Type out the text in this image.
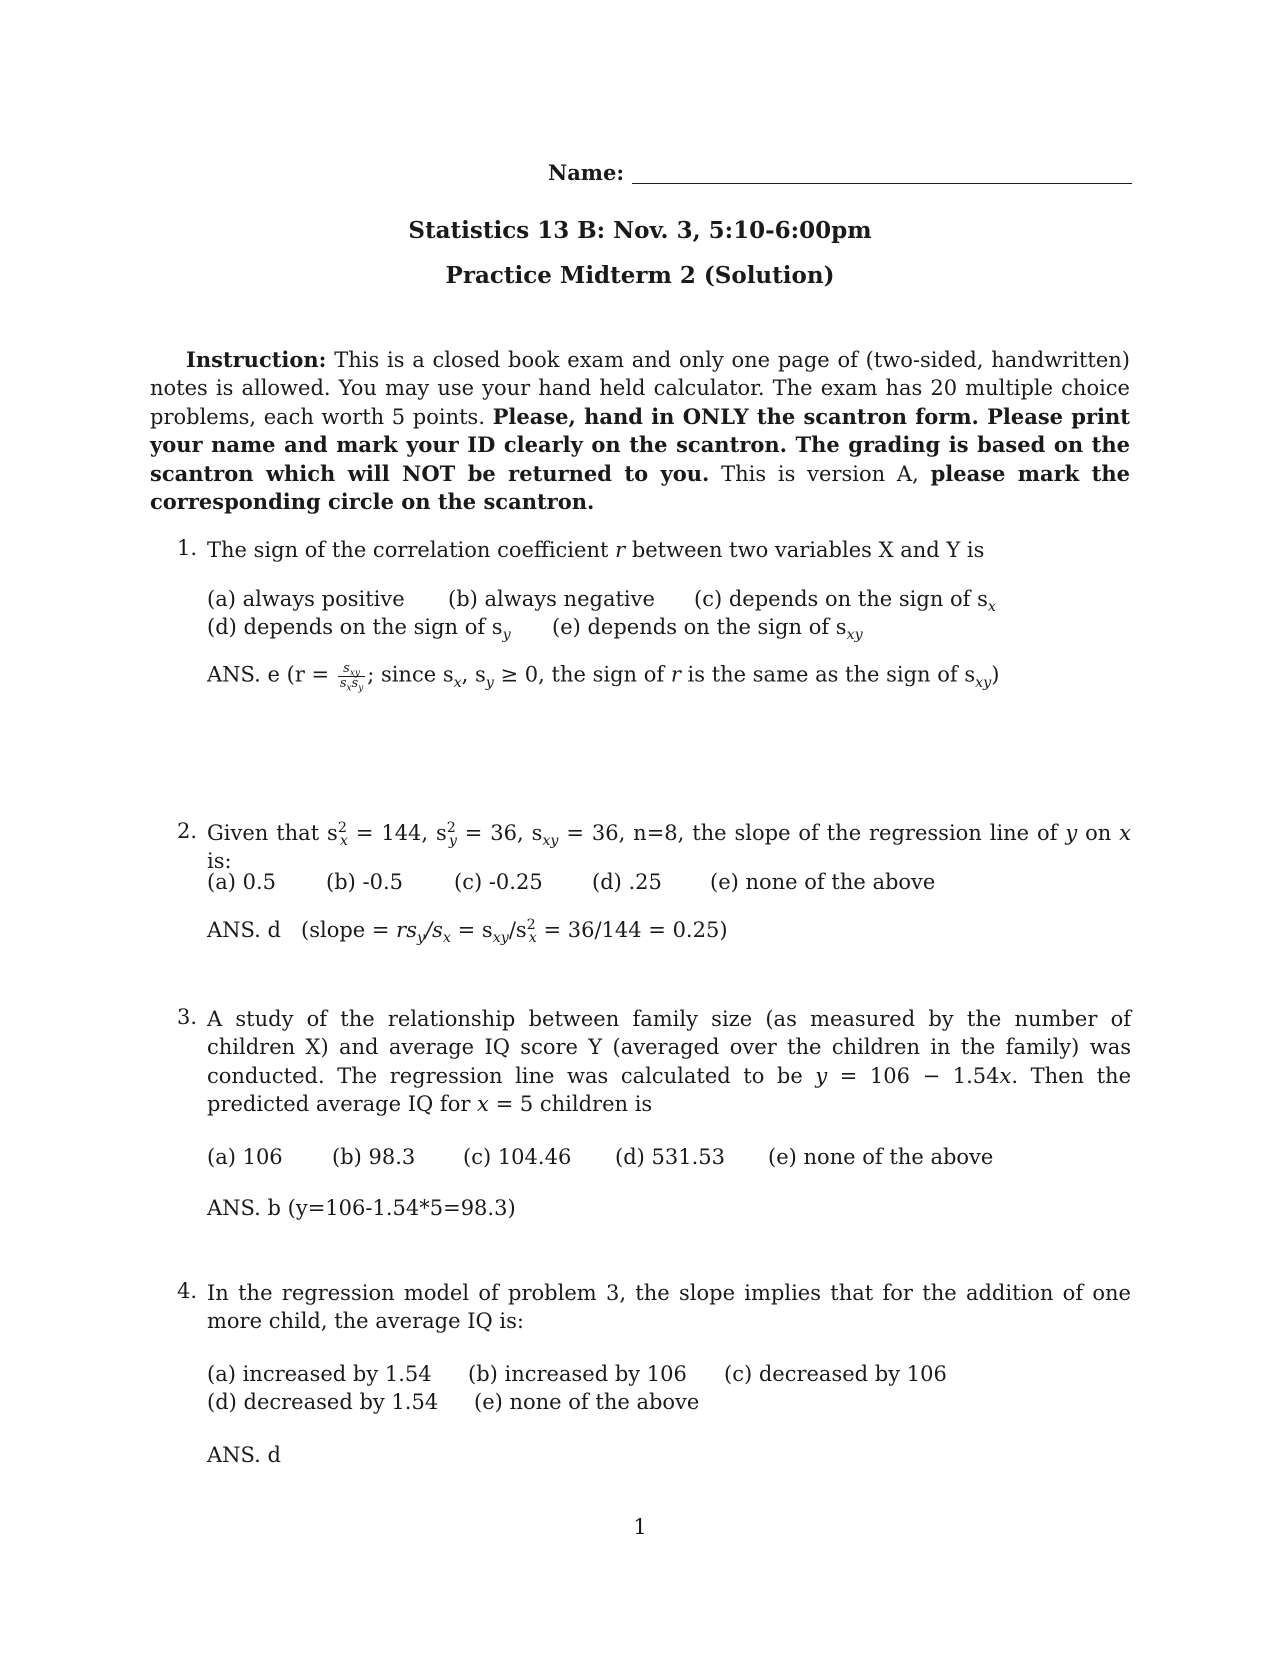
Name:
Statistics 13 B: Nov. 3, 5:10-6:00pm
Practice Midterm 2 (Solution)
Instruction: This is a closed book exam and only one page of (two-sided, handwritten) notes is allowed. You may use your hand held calculator. The exam has 20 multiple choice problems, each worth 5 points. Please, hand in ONLY the scantron form. Please print your name and mark your ID clearly on the scantron. The grading is based on the scantron which will NOT be returned to you. This is version A, please mark the corresponding circle on the scantron.
1. The sign of the correlation coefficient r between two variables X and Y is
(a) always positive (b) always negative (c) depends on the sign of $s_x$
(d) depends on the sign of $s_y$ (e) depends on the sign of $s_{xy}$
ANS. e ($r = \frac{s_{xy}}{s_xs_y}$ ; since $s_x$, $s_y \ge 0$, the sign of r is the same as the sign of $s_{xy}$)
2. Given that $s^2_x = 144$, $s^2_y = 36$, $s_{xy} = 36$, n=8, the slope of the regression line of y on x is:
(a) 0.5 (b) -0.5 (c) -0.25 (d) .25 (e) none of the above
ANS. d (slope = $rs_y/s_x = s_{xy}/s^2_x = 36/144 = 0.25$)
3. A study of the relationship between family size (as measured by the number of children X) and average IQ score Y (averaged over the children in the family) was conducted. The regression line was calculated to be y = 106 − 1.54x. Then the predicted average IQ for x = 5 children is
(a) 106 (b) 98.3 (c) 104.46 (d) 531.53 (e) none of the above
ANS. b (y=106-1.54*5=98.3)
4. In the regression model of problem 3, the slope implies that for the addition of one more child, the average IQ is:
(a) increased by 1.54 (b) increased by 106 (c) decreased by 106
(d) decreased by 1.54 (e) none of the above
ANS. d
1
